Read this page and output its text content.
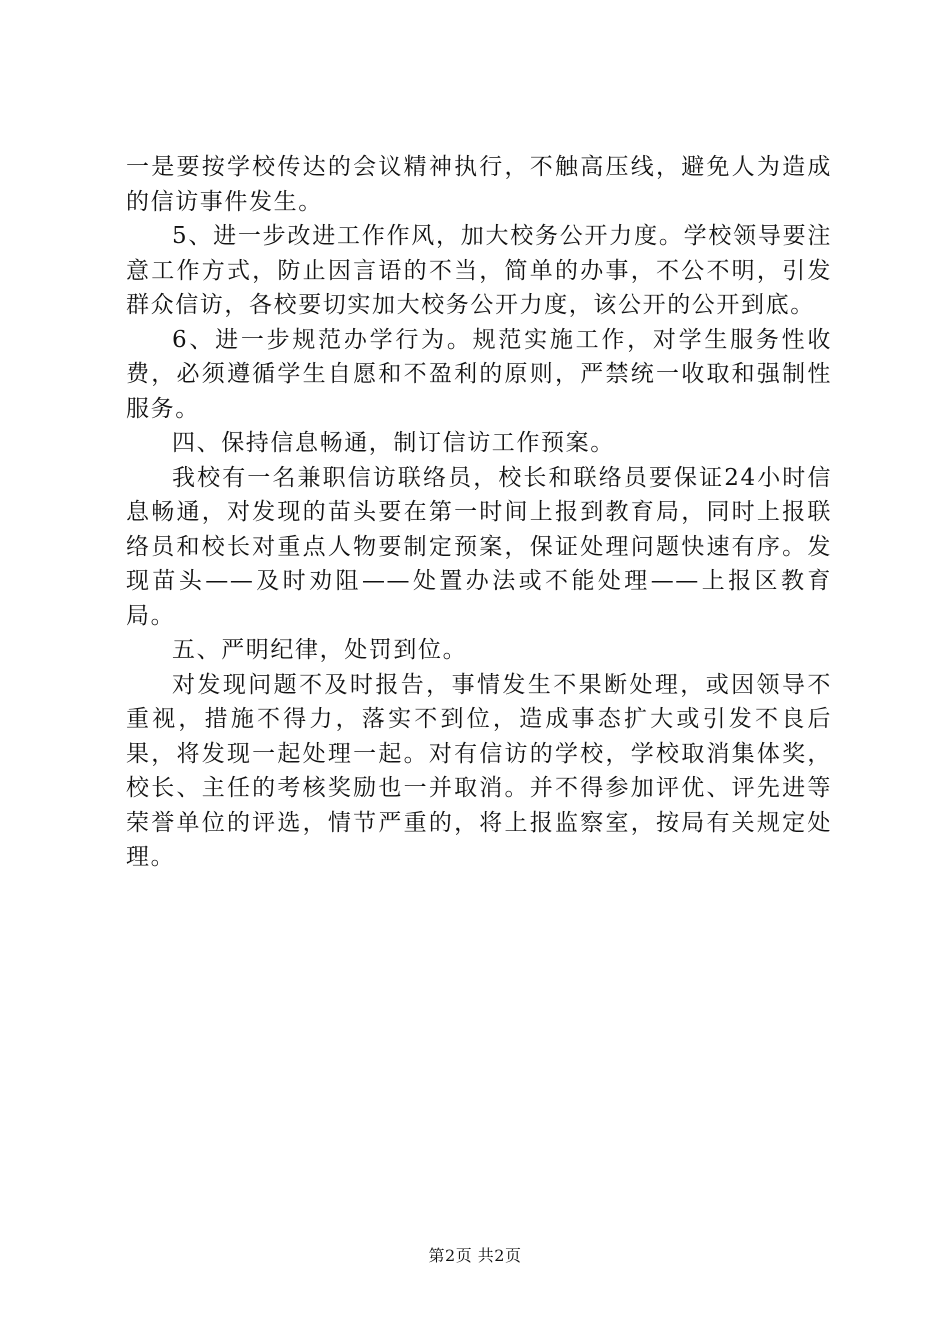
一是要按学校传达的会议精神执行，不触高压线，避免人为造成的信访事件发生。

5、进一步改进工作作风，加大校务公开力度。学校领导要注意工作方式，防止因言语的不当，简单的办事，不公不明，引发群众信访，各校要切实加大校务公开力度，该公开的公开到底。

6、进一步规范办学行为。规范实施工作，对学生服务性收费，必须遵循学生自愿和不盈利的原则，严禁统一收取和强制性服务。

四、保持信息畅通，制订信访工作预案。

我校有一名兼职信访联络员，校长和联络员要保证24小时信息畅通，对发现的苗头要在第一时间上报到教育局，同时上报联络员和校长对重点人物要制定预案，保证处理问题快速有序。发现苗头——及时劝阻——处置办法或不能处理——上报区教育局。

五、严明纪律，处罚到位。

对发现问题不及时报告，事情发生不果断处理，或因领导不重视，措施不得力，落实不到位，造成事态扩大或引发不良后果，将发现一起处理一起。对有信访的学校，学校取消集体奖，校长、主任的考核奖励也一并取消。并不得参加评优、评先进等荣誉单位的评选，情节严重的，将上报监察室，按局有关规定处理。

第2页 共2页
